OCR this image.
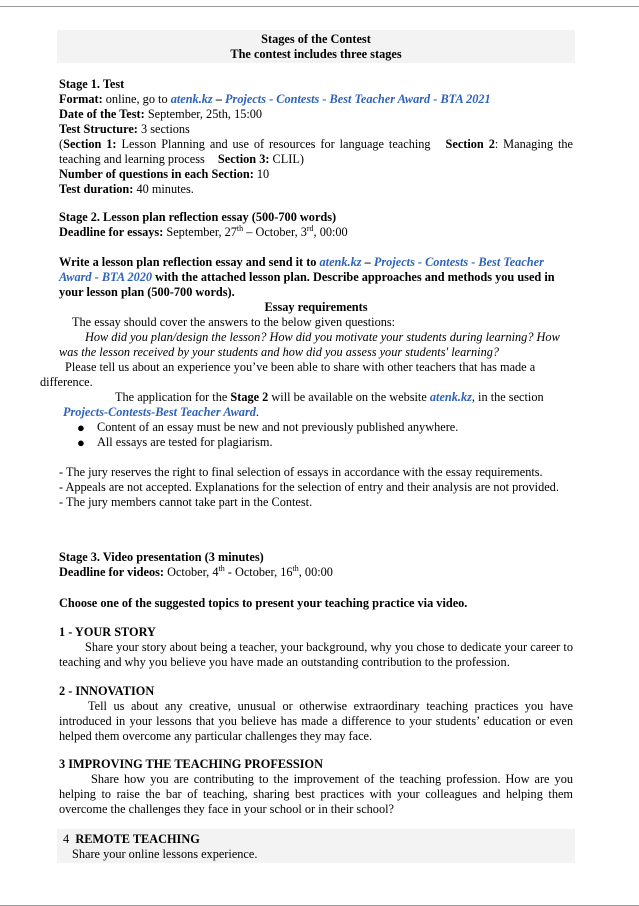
Stages of the Contest
The contest includes three stages
Stage 1. Test
Format: online, go to atenk.kz – Projects - Contests - Best Teacher Award - BTA 2021
Date of the Test: September, 25th, 15:00
Test Structure: 3 sections
(Section 1: Lesson Planning and use of resources for language teaching Section 2: Managing the teaching and learning process Section 3: CLIL)
Number of questions in each Section: 10
Test duration: 40 minutes.
Stage 2. Lesson plan reflection essay (500-700 words)
Deadline for essays: September, 27th – October, 3rd, 00:00
Write a lesson plan reflection essay and send it to atenk.kz – Projects - Contests - Best Teacher Award - BTA 2020 with the attached lesson plan. Describe approaches and methods you used in your lesson plan (500-700 words).
Essay requirements
The essay should cover the answers to the below given questions:
How did you plan/design the lesson? How did you motivate your students during learning? How was the lesson received by your students and how did you assess your students' learning?
Please tell us about an experience you’ve been able to share with other teachers that has made a difference.
The application for the Stage 2 will be available on the website atenk.kz, in the section Projects-Contests-Best Teacher Award.
● Content of an essay must be new and not previously published anywhere.
● All essays are tested for plagiarism.
- The jury reserves the right to final selection of essays in accordance with the essay requirements.
- Appeals are not accepted. Explanations for the selection of entry and their analysis are not provided.
- The jury members cannot take part in the Contest.
Stage 3. Video presentation (3 minutes)
Deadline for videos: October, 4th - October, 16th, 00:00
Choose one of the suggested topics to present your teaching practice via video.
1 - YOUR STORY
Share your story about being a teacher, your background, why you chose to dedicate your career to teaching and why you believe you have made an outstanding contribution to the profession.
2 - INNOVATION
Tell us about any creative, unusual or otherwise extraordinary teaching practices you have introduced in your lessons that you believe has made a difference to your students’ education or even helped them overcome any particular challenges they may face.
3 IMPROVING THE TEACHING PROFESSION
Share how you are contributing to the improvement of the teaching profession. How are you helping to raise the bar of teaching, sharing best practices with your colleagues and helping them overcome the challenges they face in your school or in their school?
4 REMOTE TEACHING
Share your online lessons experience.
